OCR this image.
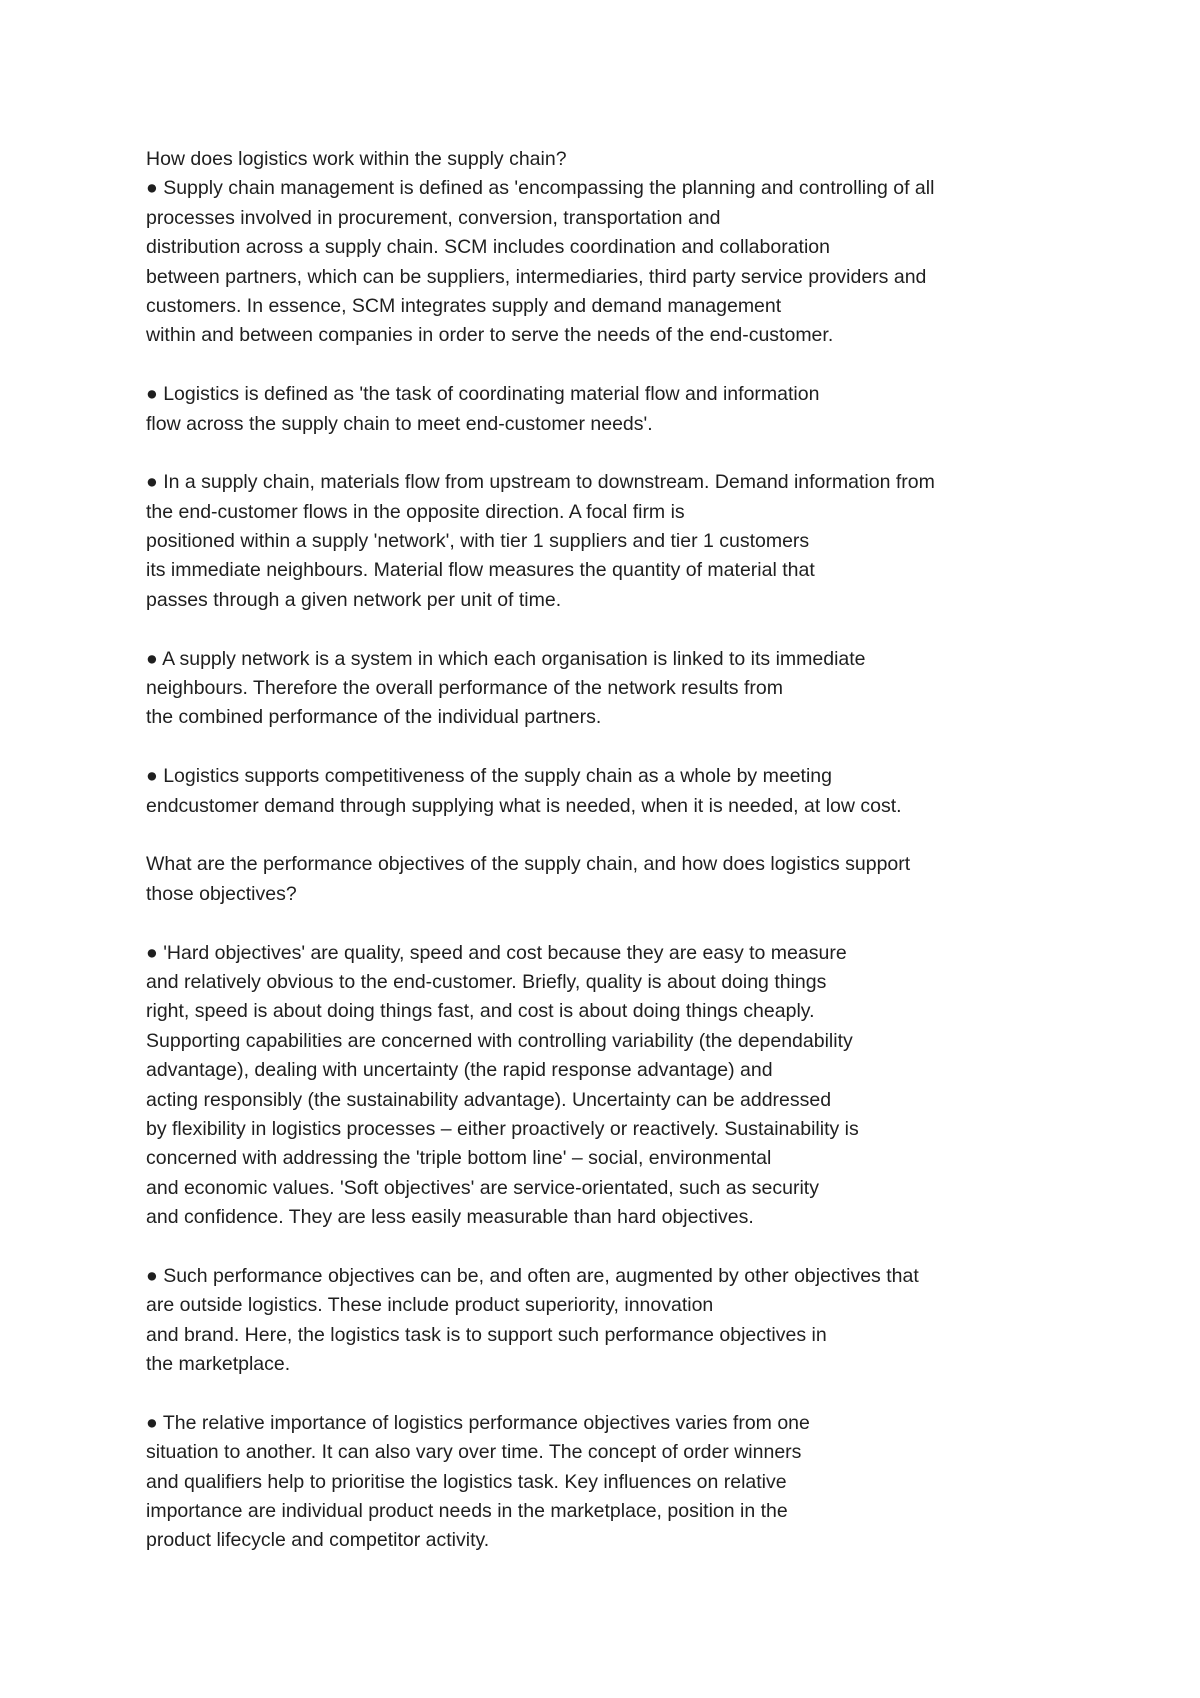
How does logistics work within the supply chain?
● Supply chain management is defined as 'encompassing the planning and controlling of all
processes involved in procurement, conversion, transportation and
distribution across a supply chain. SCM includes coordination and collaboration
between partners, which can be suppliers, intermediaries, third party service providers and
customers. In essence, SCM integrates supply and demand management
within and between companies in order to serve the needs of the end-customer.
● Logistics is defined as 'the task of coordinating material flow and information
flow across the supply chain to meet end-customer needs'.
● In a supply chain, materials flow from upstream to downstream. Demand information from
the end-customer flows in the opposite direction. A focal firm is
positioned within a supply 'network', with tier 1 suppliers and tier 1 customers
its immediate neighbours. Material flow measures the quantity of material that
passes through a given network per unit of time.
● A supply network is a system in which each organisation is linked to its immediate
neighbours. Therefore the overall performance of the network results from
the combined performance of the individual partners.
● Logistics supports competitiveness of the supply chain as a whole by meeting
endcustomer demand through supplying what is needed, when it is needed, at low cost.
What are the performance objectives of the supply chain, and how does logistics support
those objectives?
● 'Hard objectives' are quality, speed and cost because they are easy to measure
and relatively obvious to the end-customer. Briefly, quality is about doing things
right, speed is about doing things fast, and cost is about doing things cheaply.
Supporting capabilities are concerned with controlling variability (the dependability
advantage), dealing with uncertainty (the rapid response advantage) and
acting responsibly (the sustainability advantage). Uncertainty can be addressed
by flexibility in logistics processes – either proactively or reactively. Sustainability is
concerned with addressing the 'triple bottom line' – social, environmental
and economic values. 'Soft objectives' are service-orientated, such as security
and confidence. They are less easily measurable than hard objectives.
● Such performance objectives can be, and often are, augmented by other objectives that
are outside logistics. These include product superiority, innovation
and brand. Here, the logistics task is to support such performance objectives in
the marketplace.
● The relative importance of logistics performance objectives varies from one
situation to another. It can also vary over time. The concept of order winners
and qualifiers help to prioritise the logistics task. Key influences on relative
importance are individual product needs in the marketplace, position in the
product lifecycle and competitor activity.
